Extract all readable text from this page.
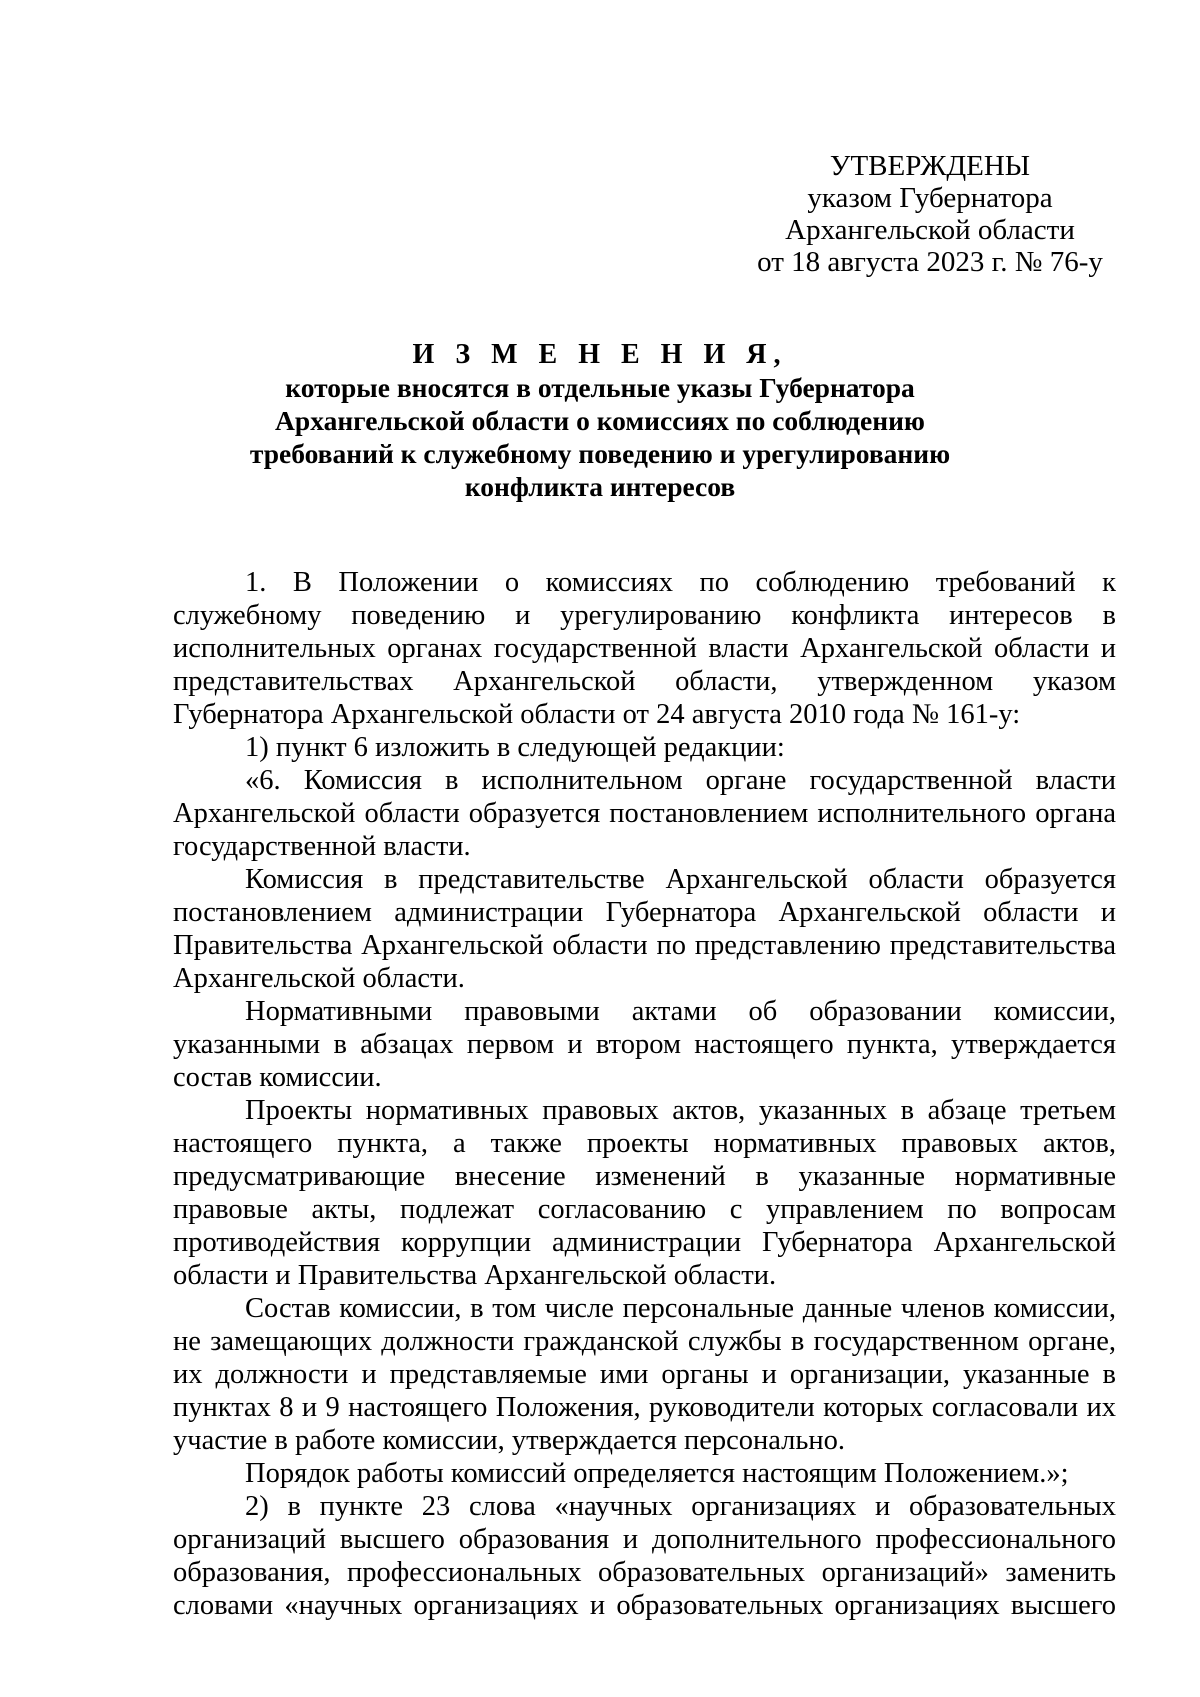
УТВЕРЖДЕНЫ
указом Губернатора
Архангельской области
от 18 августа 2023 г. № 76-у
И З М Е Н Е Н И Я,
которые вносятся в отдельные указы Губернатора
Архангельской области о комиссиях по соблюдению
требований к служебному поведению и урегулированию
конфликта интересов

1. В Положении о комиссиях по соблюдению требований к служебному поведению и урегулированию конфликта интересов в исполнительных органах государственной власти Архангельской области и представительствах Архангельской области, утвержденном указом Губернатора Архангельской области от 24 августа 2010 года № 161-у:

1) пункт 6 изложить в следующей редакции:

«6. Комиссия в исполнительном органе государственной власти Архангельской области образуется постановлением исполнительного органа государственной власти.

Комиссия в представительстве Архангельской области образуется постановлением администрации Губернатора Архангельской области и Правительства Архангельской области по представлению представительства Архангельской области.

Нормативными правовыми актами об образовании комиссии, указанными в абзацах первом и втором настоящего пункта, утверждается состав комиссии.

Проекты нормативных правовых актов, указанных в абзаце третьем настоящего пункта, а также проекты нормативных правовых актов, предусматривающие внесение изменений в указанные нормативные правовые акты, подлежат согласованию с управлением по вопросам противодействия коррупции администрации Губернатора Архангельской области и Правительства Архангельской области.

Состав комиссии, в том числе персональные данные членов комиссии, не замещающих должности гражданской службы в государственном органе, их должности и представляемые ими органы и организации, указанные в пунктах 8 и 9 настоящего Положения, руководители которых согласовали их участие в работе комиссии, утверждается персонально.

Порядок работы комиссий определяется настоящим Положением.»;

2) в пункте 23 слова «научных организациях и образовательных организаций высшего образования и дополнительного профессионального образования, профессиональных образовательных организаций» заменить словами «научных организациях и образовательных организациях высшего
